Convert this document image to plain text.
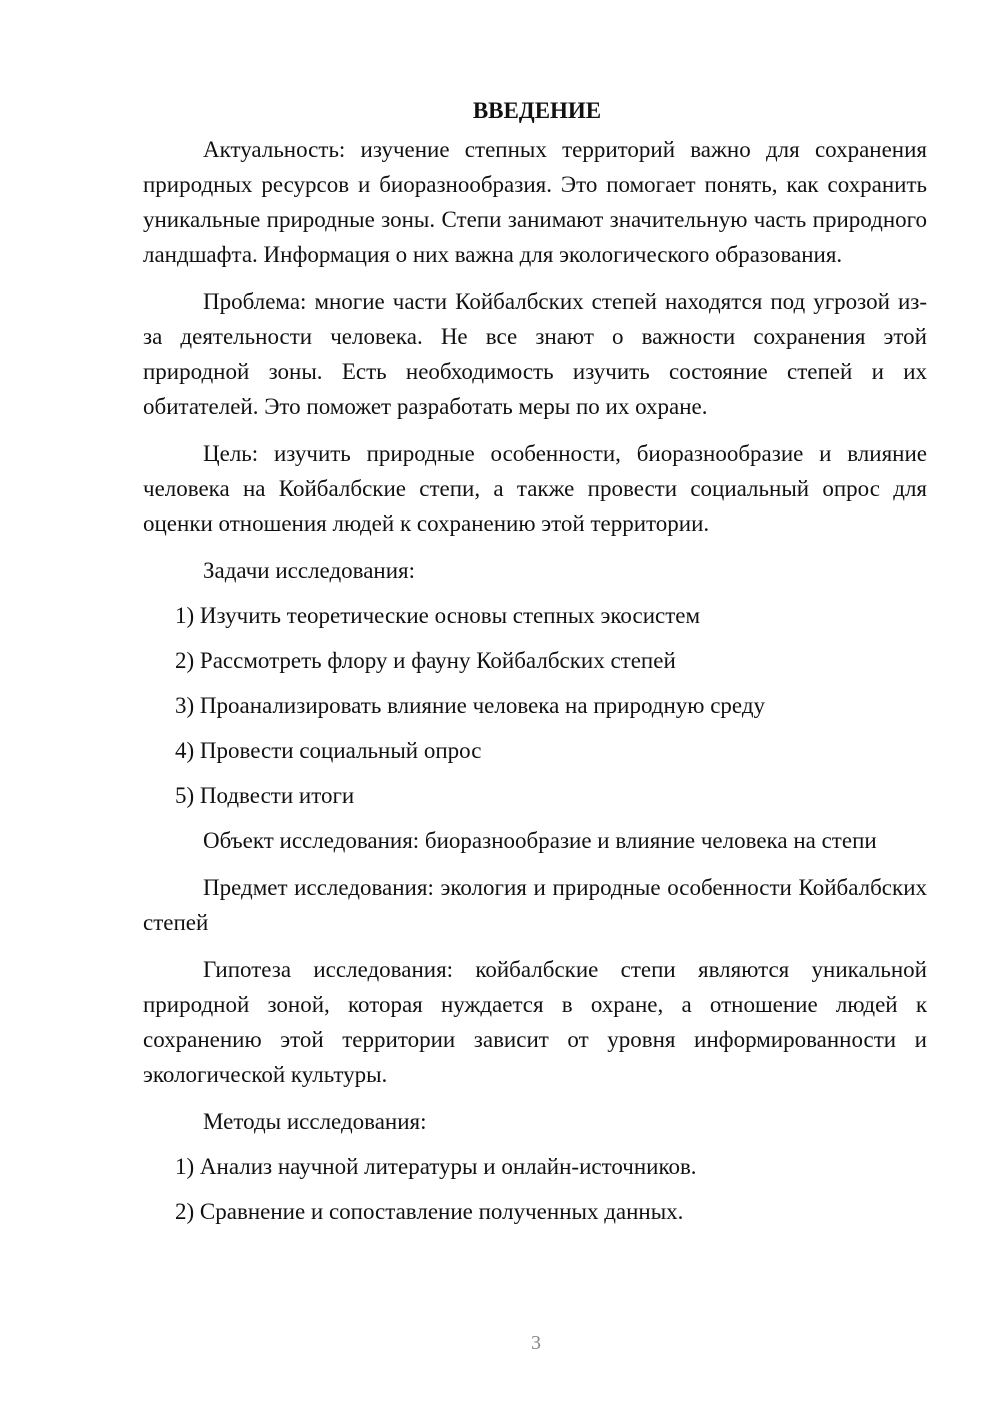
ВВЕДЕНИЕ

Актуальность: изучение степных территорий важно для сохранения природных ресурсов и биоразнообразия. Это помогает понять, как сохранить уникальные природные зоны. Степи занимают значительную часть природного ландшафта. Информация о них важна для экологического образования.

Проблема: многие части Койбалбских степей находятся под угрозой из-за деятельности человека. Не все знают о важности сохранения этой природной зоны. Есть необходимость изучить состояние степей и их обитателей. Это поможет разработать меры по их охране.

Цель: изучить природные особенности, биоразнообразие и влияние человека на Койбалбские степи, а также провести социальный опрос для оценки отношения людей к сохранению этой территории.

Задачи исследования:

1) Изучить теоретические основы степных экосистем
2) Рассмотреть флору и фауну Койбалбских степей
3) Проанализировать влияние человека на природную среду
4) Провести социальный опрос
5) Подвести итоги

Объект исследования: биоразнообразие и влияние человека на степи

Предмет исследования: экология и природные особенности Койбалбских степей

Гипотеза исследования: койбалбские степи являются уникальной природной зоной, которая нуждается в охране, а отношение людей к сохранению этой территории зависит от уровня информированности и экологической культуры.

Методы исследования:

1) Анализ научной литературы и онлайн-источников.
2) Сравнение и сопоставление полученных данных.
3
